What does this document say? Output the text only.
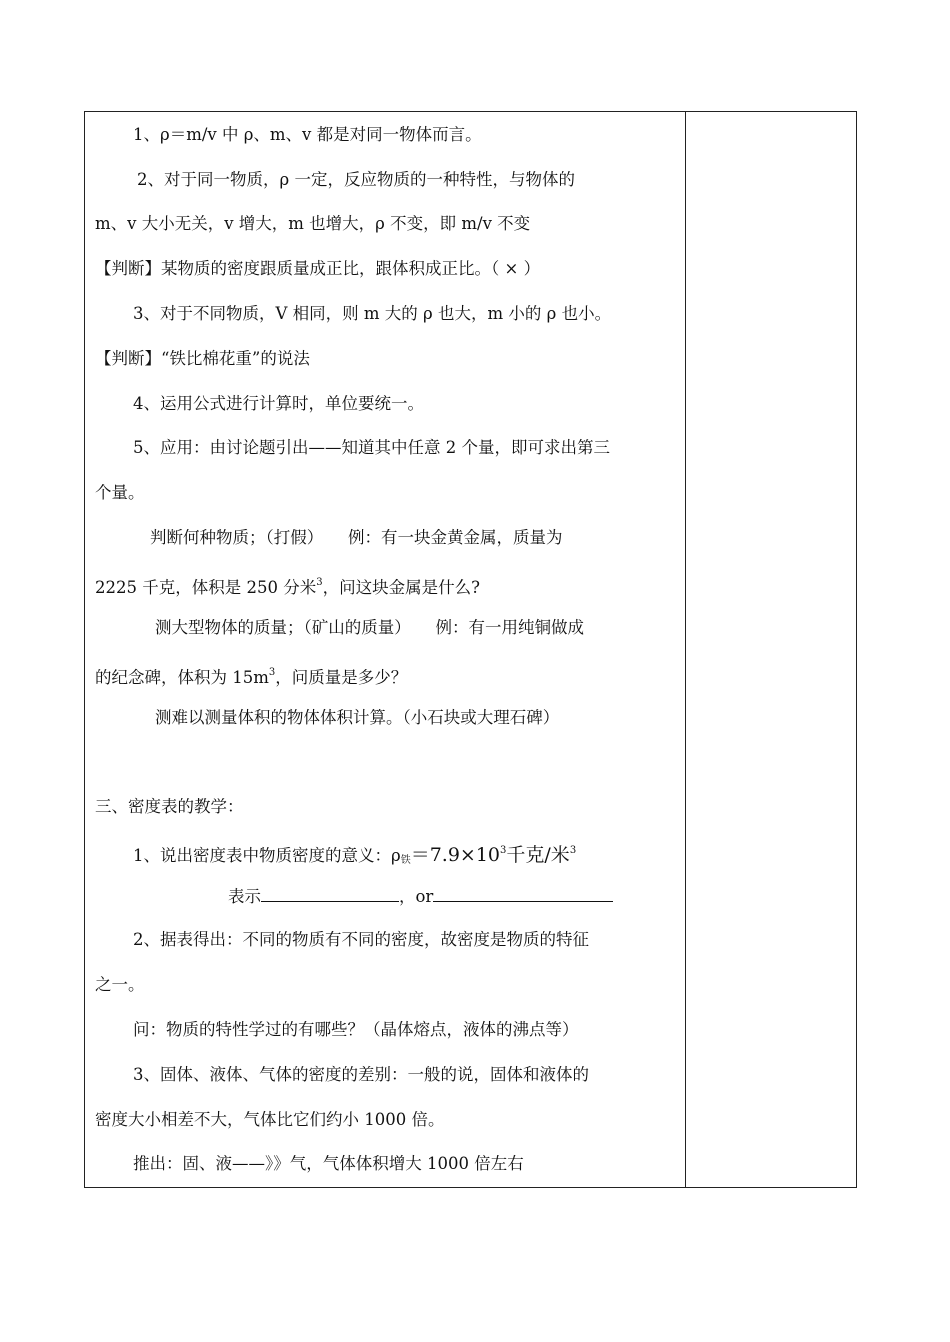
1、ρ＝m/v 中 ρ、m、v 都是对同一物体而言。
2、对于同一物质，ρ 一定，反应物质的一种特性，与物体的
m、v 大小无关，v 增大，m 也增大，ρ 不变，即 m/v 不变
【判断】某物质的密度跟质量成正比，跟体积成正比。（ × ）
3、对于不同物质，V 相同，则 m 大的 ρ 也大，m 小的 ρ 也小。
【判断】“铁比棉花重”的说法
4、运用公式进行计算时，单位要统一。
5、应用：由讨论题引出——知道其中任意 2 个量，即可求出第三
个量。
判断何种物质；（打假）　　例：有一块金黄金属，质量为
2225 千克，体积是 250 分米$^3$，问这块金属是什么?
测大型物体的质量；（矿山的质量）　　例：有一用纯铜做成
的纪念碑，体积为 $15m^3$，问质量是多少？
测难以测量体积的物体体积计算。（小石块或大理石碑）
三、密度表的教学：
1、说出密度表中物质密度的意义：$\rho_铁=7.9\times 10^3$千克/米$^3$
表示	，or
2、据表得出：不同的物质有不同的密度，故密度是物质的特征
之一。
问：物质的特性学过的有哪些？（晶体熔点，液体的沸点等）
3、固体、液体、气体的密度的差别：一般的说，固体和液体的
密度大小相差不大，气体比它们约小 1000 倍。
推出：固、液——》》气，气体体积增大 1000 倍左右
